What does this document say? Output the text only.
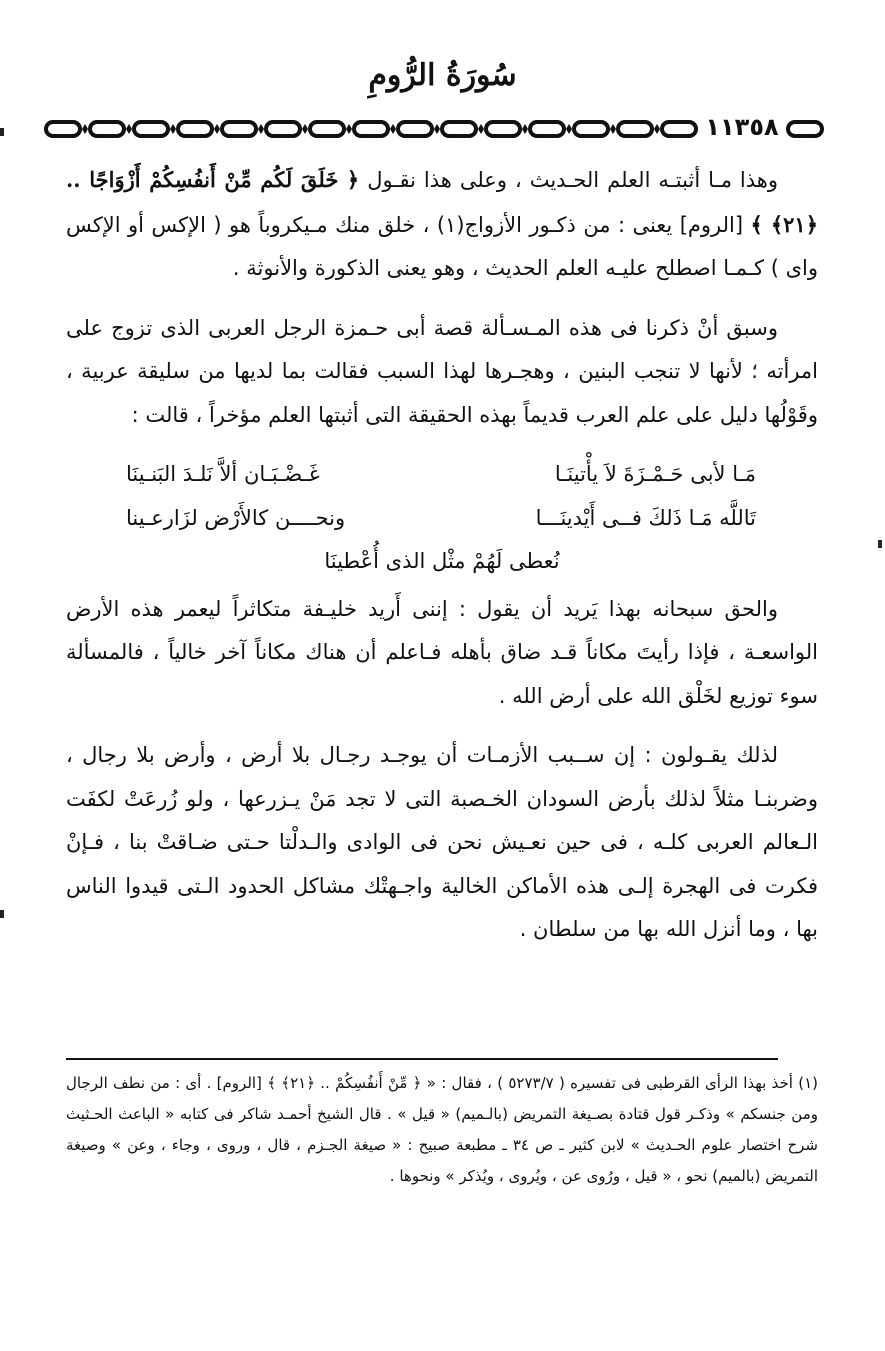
سُورَةُ الرُّومِ
١١٣٥٨

وهذا مـا أثبتـه العلم الحـديث ، وعلى هذا نقـول ﴿ خَلَقَ لَكُم مِّنْ أَنفُسِكُمْ أَزْوَاجًا .. ﴿٢١﴾ ﴾ [الروم] يعنى : من ذكـور الأزواج(١) ، خلق منك مـيكروباً هو ( الإكس أو الإكس واى ) كـمـا اصطلح عليـه العلم الحديث ، وهو يعنى الذكورة والأنوثة .

وسبق أنْ ذكرنا فى هذه المـسـألة قصة أبى حـمزة الرجل العربى الذى تزوج على امرأته ؛ لأنها لا تنجب البنين ، وهجـرها لهذا السبب فقالت بما لديها من سليقة عربية ، وقَوْلُها دليل على علم العرب قديماً بهذه الحقيقة التى أثبتها العلم مؤخراً ، قالت :

مَـا لأبى حَـمْـزَةَ لاَ يأْتينَـا
غَـضْـبَـان ألاَّ نَلـدَ البَنـينَا
تَاللَّه مَـا ذَلكَ فــى أَيْدينَـــا
ونحــــن كالأَرْض لزَارعـينا
نُعطى لَهُمْ مثْل الذى أُعْطينَا

والحق سبحانه بهذا يَريد أن يقول : إننى أَريد خليـفة متكاثراً ليعمر هذه الأرض الواسعـة ، فإذا رأيتَ مكاناً قـد ضاق بأهله فـاعلم أن هناك مكاناً آخر خالياً ، فالمسألة سوء توزيع لخَلْق الله على أرض الله .

لذلك يقـولون : إن ســبب الأزمـات أن يوجـد رجـال بلا أرض ، وأرض بلا رجال ، وضربنـا مثلاً لذلك بأرض السودان الخـصبة التى لا تجد مَنْ يـزرعها ، ولو زُرعَتْ لكفَت الـعالم العربى كلـه ، فى حين نعـيش نحن فى الوادى والـدلْتا حـتى ضـاقتْ بنا ، فـإنْ فكرت فى الهجرة إلـى هذه الأماكن الخالية واجـهتْك مشاكل الحدود الـتى قيدوا الناس بها ، وما أنزل الله بها من سلطان .

(١) أخذ بهذا الرأى القرطبى فى تفسيره ( ٥٢٧٣/٧ ) ، فقال : « ﴿ مِّنْ أَنفُسِكُمْ .. ﴿٢١﴾ ﴾ [الروم] . أى : من نطف الرجال ومن جنسكم » وذكـر قول قتادة بصـيغة التمريض (بالـميم) « قيل » . قال الشيخ أحمـد شاكر فى كتابه « الباعث الحـثيث شرح اختصار علوم الحـديث » لابن كثير ـ ص ٣٤ ـ مطبعة صبيح : « صيغة الجـزم ، قال ، وروى ، وجاء ، وعن » وصيغة التمريض (بالميم) نحو ، « قيل ، ورُوى عن ، ويُروى ، ويُذكر » ونحوها .
